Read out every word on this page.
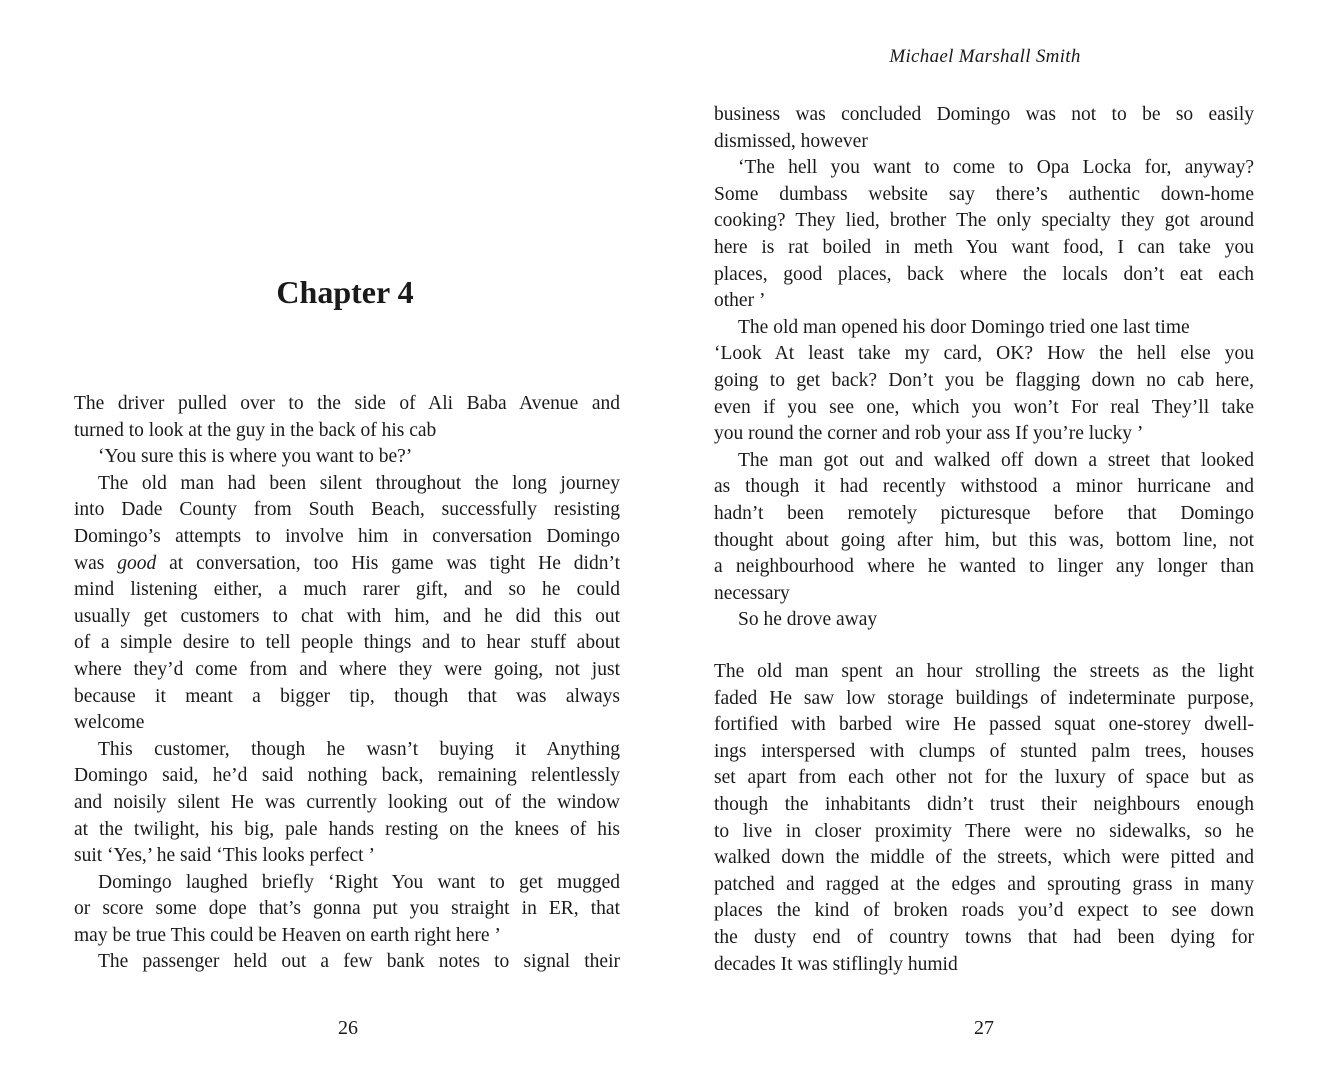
Chapter 4
The driver pulled over to the side of Ali Baba Avenue and
turned to look at the guy in the back of his cab
‘You sure this is where you want to be?’
The old man had been silent throughout the long journey
into Dade County from South Beach, successfully resisting
Domingo’s attempts to involve him in conversation Domingo
was good at conversation, too His game was tight He didn’t
mind listening either, a much rarer gift, and so he could
usually get customers to chat with him, and he did this out
of a simple desire to tell people things and to hear stuff about
where they’d come from and where they were going, not just
because it meant a bigger tip, though that was always
welcome
This customer, though he wasn’t buying it Anything
Domingo said, he’d said nothing back, remaining relentlessly
and noisily silent He was currently looking out of the window
at the twilight, his big, pale hands resting on the knees of his
suit ‘Yes,’ he said ‘This looks perfect ’
Domingo laughed briefly ‘Right You want to get mugged
or score some dope that’s gonna put you straight in ER, that
may be true This could be Heaven on earth right here ’
The passenger held out a few bank notes to signal their
26
Michael Marshall Smith
business was concluded Domingo was not to be so easily
dismissed, however
‘The hell you want to come to Opa Locka for, anyway?
Some dumbass website say there’s authentic down-home
cooking? They lied, brother The only specialty they got around
here is rat boiled in meth You want food, I can take you
places, good places, back where the locals don’t eat each
other ’
The old man opened his door Domingo tried one last time
‘Look At least take my card, OK? How the hell else you
going to get back? Don’t you be flagging down no cab here,
even if you see one, which you won’t For real They’ll take
you round the corner and rob your ass If you’re lucky ’
The man got out and walked off down a street that looked
as though it had recently withstood a minor hurricane and
hadn’t been remotely picturesque before that Domingo
thought about going after him, but this was, bottom line, not
a neighbourhood where he wanted to linger any longer than
necessary
So he drove away
The old man spent an hour strolling the streets as the light
faded He saw low storage buildings of indeterminate purpose,
fortified with barbed wire He passed squat one-storey dwell-
ings interspersed with clumps of stunted palm trees, houses
set apart from each other not for the luxury of space but as
though the inhabitants didn’t trust their neighbours enough
to live in closer proximity There were no sidewalks, so he
walked down the middle of the streets, which were pitted and
patched and ragged at the edges and sprouting grass in many
places the kind of broken roads you’d expect to see down
the dusty end of country towns that had been dying for
decades It was stiflingly humid
27
